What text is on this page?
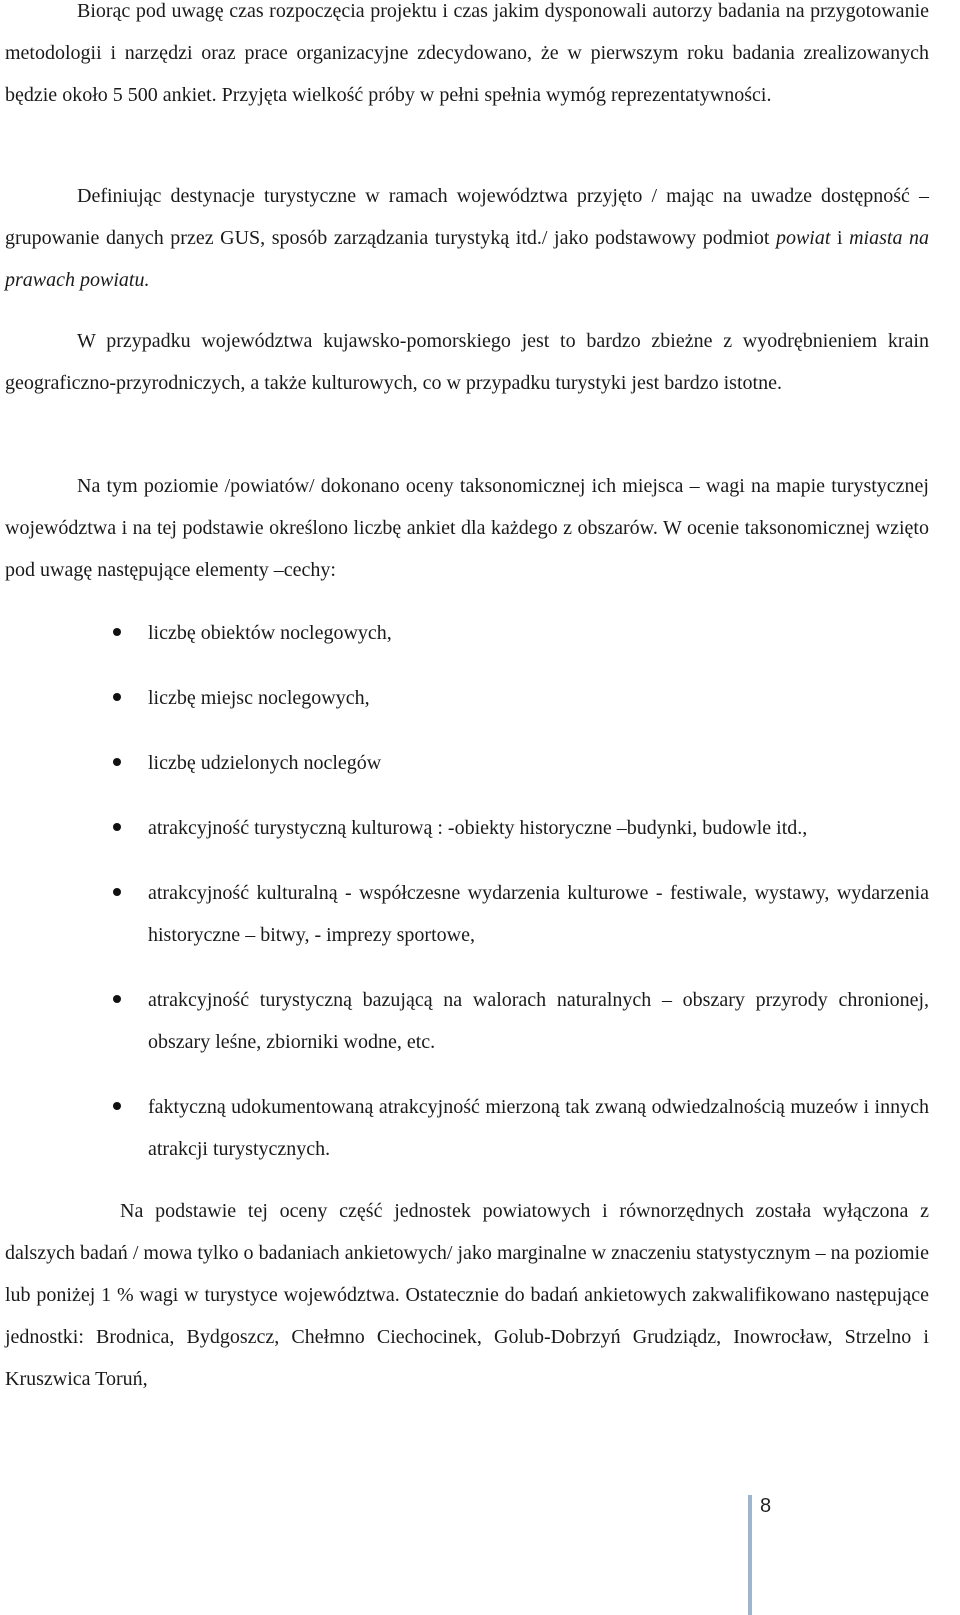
Biorąc pod uwagę czas rozpoczęcia projektu i czas jakim dysponowali autorzy badania na przygotowanie metodologii i narzędzi oraz prace organizacyjne zdecydowano, że w pierwszym roku badania zrealizowanych będzie około 5 500 ankiet. Przyjęta wielkość próby w pełni spełnia wymóg reprezentatywności.

Definiując destynacje turystyczne w ramach województwa przyjęto / mając na uwadze dostępność – grupowanie danych przez GUS, sposób zarządzania turystyką itd./ jako podstawowy podmiot powiat i miasta na prawach powiatu.

W przypadku województwa kujawsko-pomorskiego jest to bardzo zbieżne z wyodrębnieniem krain geograficzno-przyrodniczych, a także kulturowych, co w przypadku turystyki jest bardzo istotne.

Na tym poziomie /powiatów/ dokonano oceny taksonomicznej ich miejsca – wagi na mapie turystycznej województwa i na tej podstawie określono liczbę ankiet dla każdego z obszarów. W ocenie taksonomicznej wzięto pod uwagę następujące elementy –cechy:

liczbę obiektów noclegowych,
liczbę miejsc noclegowych,
liczbę udzielonych noclegów
atrakcyjność turystyczną kulturową : -obiekty historyczne –budynki, budowle itd.,
atrakcyjność kulturalną - współczesne wydarzenia kulturowe - festiwale, wystawy, wydarzenia historyczne – bitwy, - imprezy sportowe,
atrakcyjność turystyczną bazującą na walorach naturalnych – obszary przyrody chronionej, obszary leśne, zbiorniki wodne, etc.
faktyczną udokumentowaną atrakcyjność mierzoną tak zwaną odwiedzalnością muzeów i innych atrakcji turystycznych.

Na podstawie tej oceny część jednostek powiatowych i równorzędnych została wyłączona z dalszych badań / mowa tylko o badaniach ankietowych/ jako marginalne w znaczeniu statystycznym – na poziomie lub poniżej 1 % wagi w turystyce województwa. Ostatecznie do badań ankietowych zakwalifikowano następujące jednostki: Brodnica, Bydgoszcz, Chełmno Ciechocinek, Golub-Dobrzyń Grudziądz, Inowrocław, Strzelno i Kruszwica Toruń,

8
